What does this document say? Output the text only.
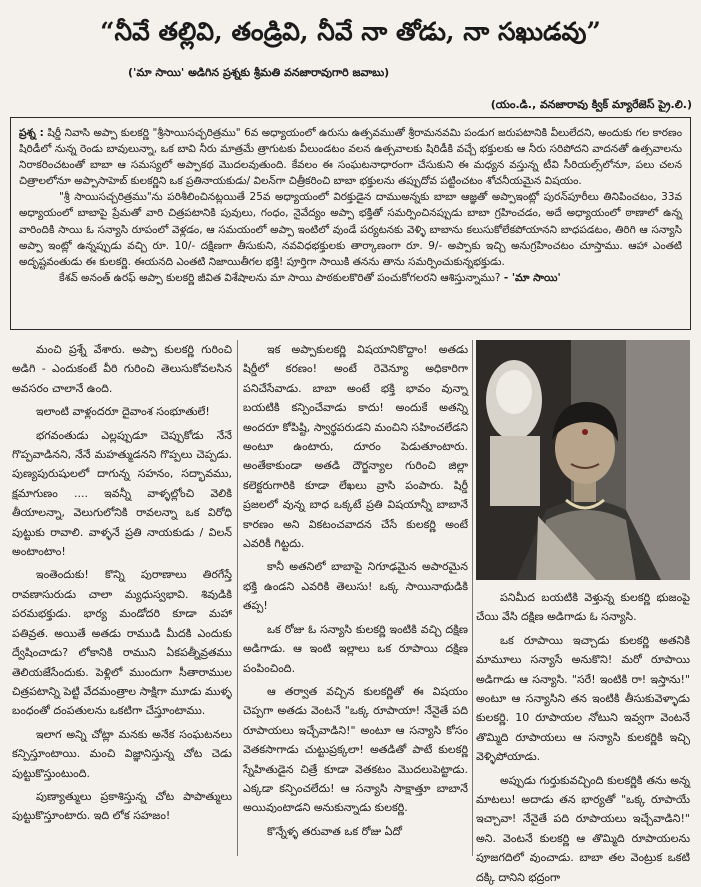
“నీవే తల్లివి, తండ్రివి, నీవే నా తోడు, నా సఖుడవు”
('మా సాయి' అడిగిన ప్రశ్నకు శ్రీమతి వనజారావుగారి జవాబు)
(యం.డి., వనజారావు క్విక్ మ్యారేజెస్ ప్రై.లి.)

ప్రశ్న : షిర్డీ నివాసి అప్పా కులకర్ణి "శ్రీసాయిసచ్చరిత్రము" 6వ అధ్యాయంలో ఉరుసు ఉత్సవముతో శ్రీరామనవమి పండుగ జరుపటానికి వీలులేదని, అందుకు గల కారణం షిరిడీలో నున్న రెండు బావులున్నా, ఒక బావి నీరు మాత్రమే త్రాగుటకు వీలుండటం వలన ఉత్సవాలకు షిరిడీకి వచ్చే భక్తులకు ఆ నీరు సరిపోదని వాదనతో ఉత్సవాలను నిరాకరించటంతో బాబా ఆ సమస్యలో అప్పాకథ మొదలవుతుంది. కేవలం ఈ సంఘటనాధారంగా చేసుకుని ఈ మధ్యన వస్తున్న టీవి సీరియల్స్‌లోనూ, పలు చలన చిత్రాలలోనూ అప్పాసాహెబ్ కులకర్ణిని ఒక ప్రతినాయకుడు/ విలన్‌గా చిత్రీకరించి బాబా భక్తులను తప్పుదోవ పట్టించటం శోచనీయమైన విషయం.

"శ్రీ సాయిసచ్చరిత్రము"ను పరిశీలించినట్లయితే 25వ అధ్యాయంలో విరక్తుడైన దాముఅన్నకు బాబా ఆజ్ఞతో అప్పాఇంట్లో పురన్‌పూరీలు తినిపించటం, 33వ అధ్యాయంలో బాబాపై ప్రేమతో వారి చిత్రపటానికి పువులు, గంధం, నైవేద్యం అప్పా భక్తితో సమర్పించినప్పుడు బాబా గ్రహించడం, అదే అధ్యాయంలో ఠాణాలో ఉన్న వారిందికి సాయి ఓ సన్యాసి రూపంలో వెళ్లడం, ఆ సమయంలో అప్పా ఇంటిలో వుండే పర్యటనకు వెళ్ళి బాబాను కలుసుకోలేకపోయానని బాధపడటం, తిరిగి ఆ సన్యాసి అప్పా ఇంట్లో ఉన్నప్పుడు వచ్చి రూ. 10/- దక్షిణగా తీసుకుని, నవవిధభక్తులకు తార్కాణంగా రూ. 9/- అప్పాకు ఇచ్చి అనుగ్రహించటం చూస్తాము. ఆహా ఎంతటి అదృష్టవంతుడు ఈ కులకర్ణి. ఈయనది ఎంతటి నిజాయితీగల భక్తి! పూర్తిగా సాయికి తనను తాను సమర్పించుకున్నభక్తుడు.

కేశవ్ అనంత్ ఉరఫ్ అప్పా కులకర్ణి జీవిత విశేషాలను మా సాయి పాఠకులకొరితో పంచుకోగలరని ఆశిస్తున్నాము? - 'మా సాయి'

మంచి ప్రశ్నే వేశారు. అప్పా కులకర్ణి గురించి అడిగి - ఎందుకంటే వీరి గురించి తెలుసుకోవలసిన అవసరం చాలానే ఉంది.

ఇలాంటి వాళ్లందరూ దైవాంశ సంభూతులే!

భగవంతుడు ఎల్లప్పుడూ చెప్పుకోడు నేనే గొప్పవాడినని, నేనే మహత్ముడనని గొప్పలు చెప్పడు. పుణ్యపురుషులలో దాగున్న సహనం, సద్భావము, క్షమాగుణం .... ఇవన్నీ వాళ్ళల్లోంచి వెలికి తీయాలన్నా, వెలుగులోనికి రావలన్నా ఒక విరోధి పుట్టుకు రావాలి. వాళ్ళనే ప్రతి నాయకుడు / విలన్ అంటాంటాం!

ఇంతెందుకు! కొన్ని పురాణాలు తిరగేస్తే రావణాసురుడు చాలా మ్యధుస్వభావి. శివుడికి పరమభక్తుడు. భార్య మండోదరి కూడా మహా పతివ్రత. అయితే అతడు రాముడి మీదకి ఎందుకు ద్వేషించాడు? లోకానికి రాముని ఏకపత్నీవ్రతము తెలియజేసేందుకు. పెళ్లిలో ముందుగా సీతారాముల చిత్రపటాన్ని పెట్టి వేదమంత్రాల సాక్షిగా మూడు ముళ్ళ బంధంతో దంపతులను ఒకటిగా చేస్తూంటాము.

ఇలాగ అన్ని చోట్లా మనకు అనేక సంఘటనలు కన్పిస్తూంటాయి. మంచి విజ్ఞానిస్తున్న చోట చెడు పుట్టుకొస్తుంటుంది.

పుణ్యాత్ములు ప్రకాశిస్తున్న చోట పాపాత్ములు పుట్టుకొస్తూంటారు. ఇది లోక సహజం!

ఇక అప్పాకులకర్ణి విషయానికొద్దాం! అతడు షిర్డీలో కరణం! అంటే రెవెన్యూ అధికారిగా పనిచేసేవాడు. బాబా అంటే భక్తి భావం వున్నా బయటికి కన్పించేవాడు కాదు! అందుకే అతన్ని అందరూ కోపిష్టి, స్వార్థపరుడని మంచిని సహించలేడని అంటూ ఉంటారు, దూరం పెడుతూంటారు. అంతేకాకుండా అతడి దౌర్జన్యాల గురించి జిల్లా కలెక్టరుగారికి కూడా లేఖలు వ్రాసి పంపారు. షిర్డీ ప్రజలలో వున్న బాధ ఒక్కటే ప్రతి విషయాన్నీ బాబానే కారణం అని వికటంచవాదన చేసే కులకర్ణి అంటే ఎవరికీ గిట్టదు.

కానీ అతనిలో బాబాపై నిగూఢమైన అపారమైన భక్తి ఉండని ఎవరికి తెలుసు! ఒక్క సాయినాథుడికి తప్ప!

ఒక రోజు ఓ సన్యాసి కులకర్ణి ఇంటికి వచ్చి దక్షిణ అడిగాడు. ఆ ఇంటి ఇల్లాలు ఒక రూపాయి దక్షిణ పంపించింది.

ఆ తర్వాత వచ్చిన కులకర్ణితో ఈ విషయం చెప్పగా అతడు వెంటనే "ఒక్క రూపాయా! నేనైతే పది రూపాయలు ఇచ్చేవాడిని!" అంటూ ఆ సన్యాసి కోసం వెతకసాగాడు చుట్టుప్రక్కలా! అతడితో పాటే కులకర్ణి స్నేహితుడైన చిత్రే కూడా వెతకటం మొదలుపెట్టాడు. ఎక్కడా కన్పించలేదు! ఆ సన్యాసి సాక్షాత్తూ బాబానే అయివుంటాడని అనుకున్నాడు కులకర్ణి.

కొన్నేళ్ళ తరువాత ఒక రోజు ఏదో

పనిమీద బయటికి వెళ్తున్న కులకర్ణి భుజంపై చేయి వేసి దక్షిణ అడిగాడు ఓ సన్యాసి.

ఒక రూపాయి ఇచ్చాడు కులకర్ణి అతనికి మామూలు సన్యాసే అనుకొని! మరో రూపాయి అడిగాడు ఆ సన్యాసి. "సరే! ఇంటికి రా! ఇస్తాను!" అంటూ ఆ సన్యాసిని తన ఇంటికి తీసుకువెళ్ళాడు కులకర్ణి. 10 రూపాయల నోటుని ఇవ్వగా వెంటనే తొమ్మిది రూపాయలు ఆ సన్యాసి కులకర్ణికి ఇచ్చి వెళ్ళిపోయాడు.

అప్పుడు గుర్తుకువచ్చింది కులకర్ణికి తను అన్న మాటలు! అదాడు తన భార్యతో "ఒక్క రూపాయే ఇచ్చావా! నేనైతే పది రూపాయలు ఇచ్చేవాడిని!" అని. వెంటనే కులకర్ణి ఆ తొమ్మిది రూపాయలను పూజగదిలో వుంచాడు. బాబా తల వెంట్రుక ఒకటి దక్కి దానిని భద్రంగా
